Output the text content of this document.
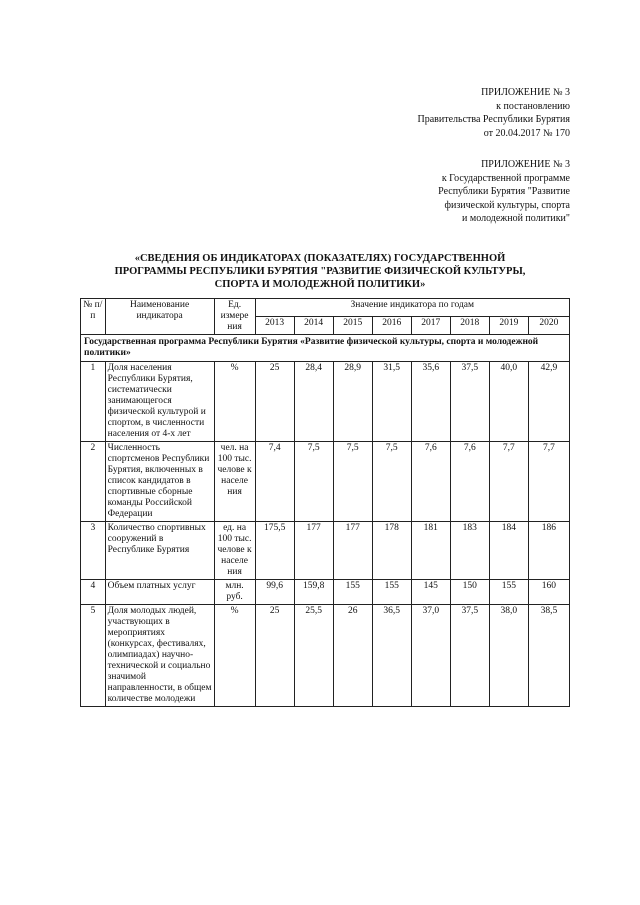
ПРИЛОЖЕНИЕ № 3
к постановлению
Правительства Республики Бурятия
от 20.04.2017 № 170
ПРИЛОЖЕНИЕ № 3
к Государственной программе
Республики Бурятия "Развитие
физической культуры, спорта
и молодежной политики"
«СВЕДЕНИЯ ОБ ИНДИКАТОРАХ (ПОКАЗАТЕЛЯХ) ГОСУДАРСТВЕННОЙ
ПРОГРАММЫ РЕСПУБЛИКИ БУРЯТИЯ "РАЗВИТИЕ ФИЗИЧЕСКОЙ КУЛЬТУРЫ,
СПОРТА И МОЛОДЕЖНОЙ ПОЛИТИКИ»
№ п/п	Наименование индикатора	Ед. измере ния	Значение индикатора по годам							
			2013	2014	2015	2016	2017	2018	2019	2020
Государственная программа Республики Бурятия «Развитие физической культуры, спорта и молодежной политики»										
1	Доля населения Республики Бурятия, систематически занимающегося физической культурой и спортом, в численности населения от 4-х лет	%	25	28,4	28,9	31,5	35,6	37,5	40,0	42,9
2	Численность спортсменов Республики Бурятия, включенных в список кандидатов в спортивные сборные команды Российской Федерации	чел. на 100 тыс. челове к населе ния	7,4	7,5	7,5	7,5	7,6	7,6	7,7	7,7
3	Количество спортивных сооружений в Республике Бурятия	ед. на 100 тыс. челове к населе ния	175,5	177	177	178	181	183	184	186
4	Объем платных услуг	млн. руб.	99,6	159,8	155	155	145	150	155	160
5	Доля молодых людей, участвующих в мероприятиях (конкурсах, фестивалях, олимпиадах) научно-технической и социально значимой направленности, в общем количестве молодежи	%	25	25,5	26	36,5	37,0	37,5	38,0	38,5
